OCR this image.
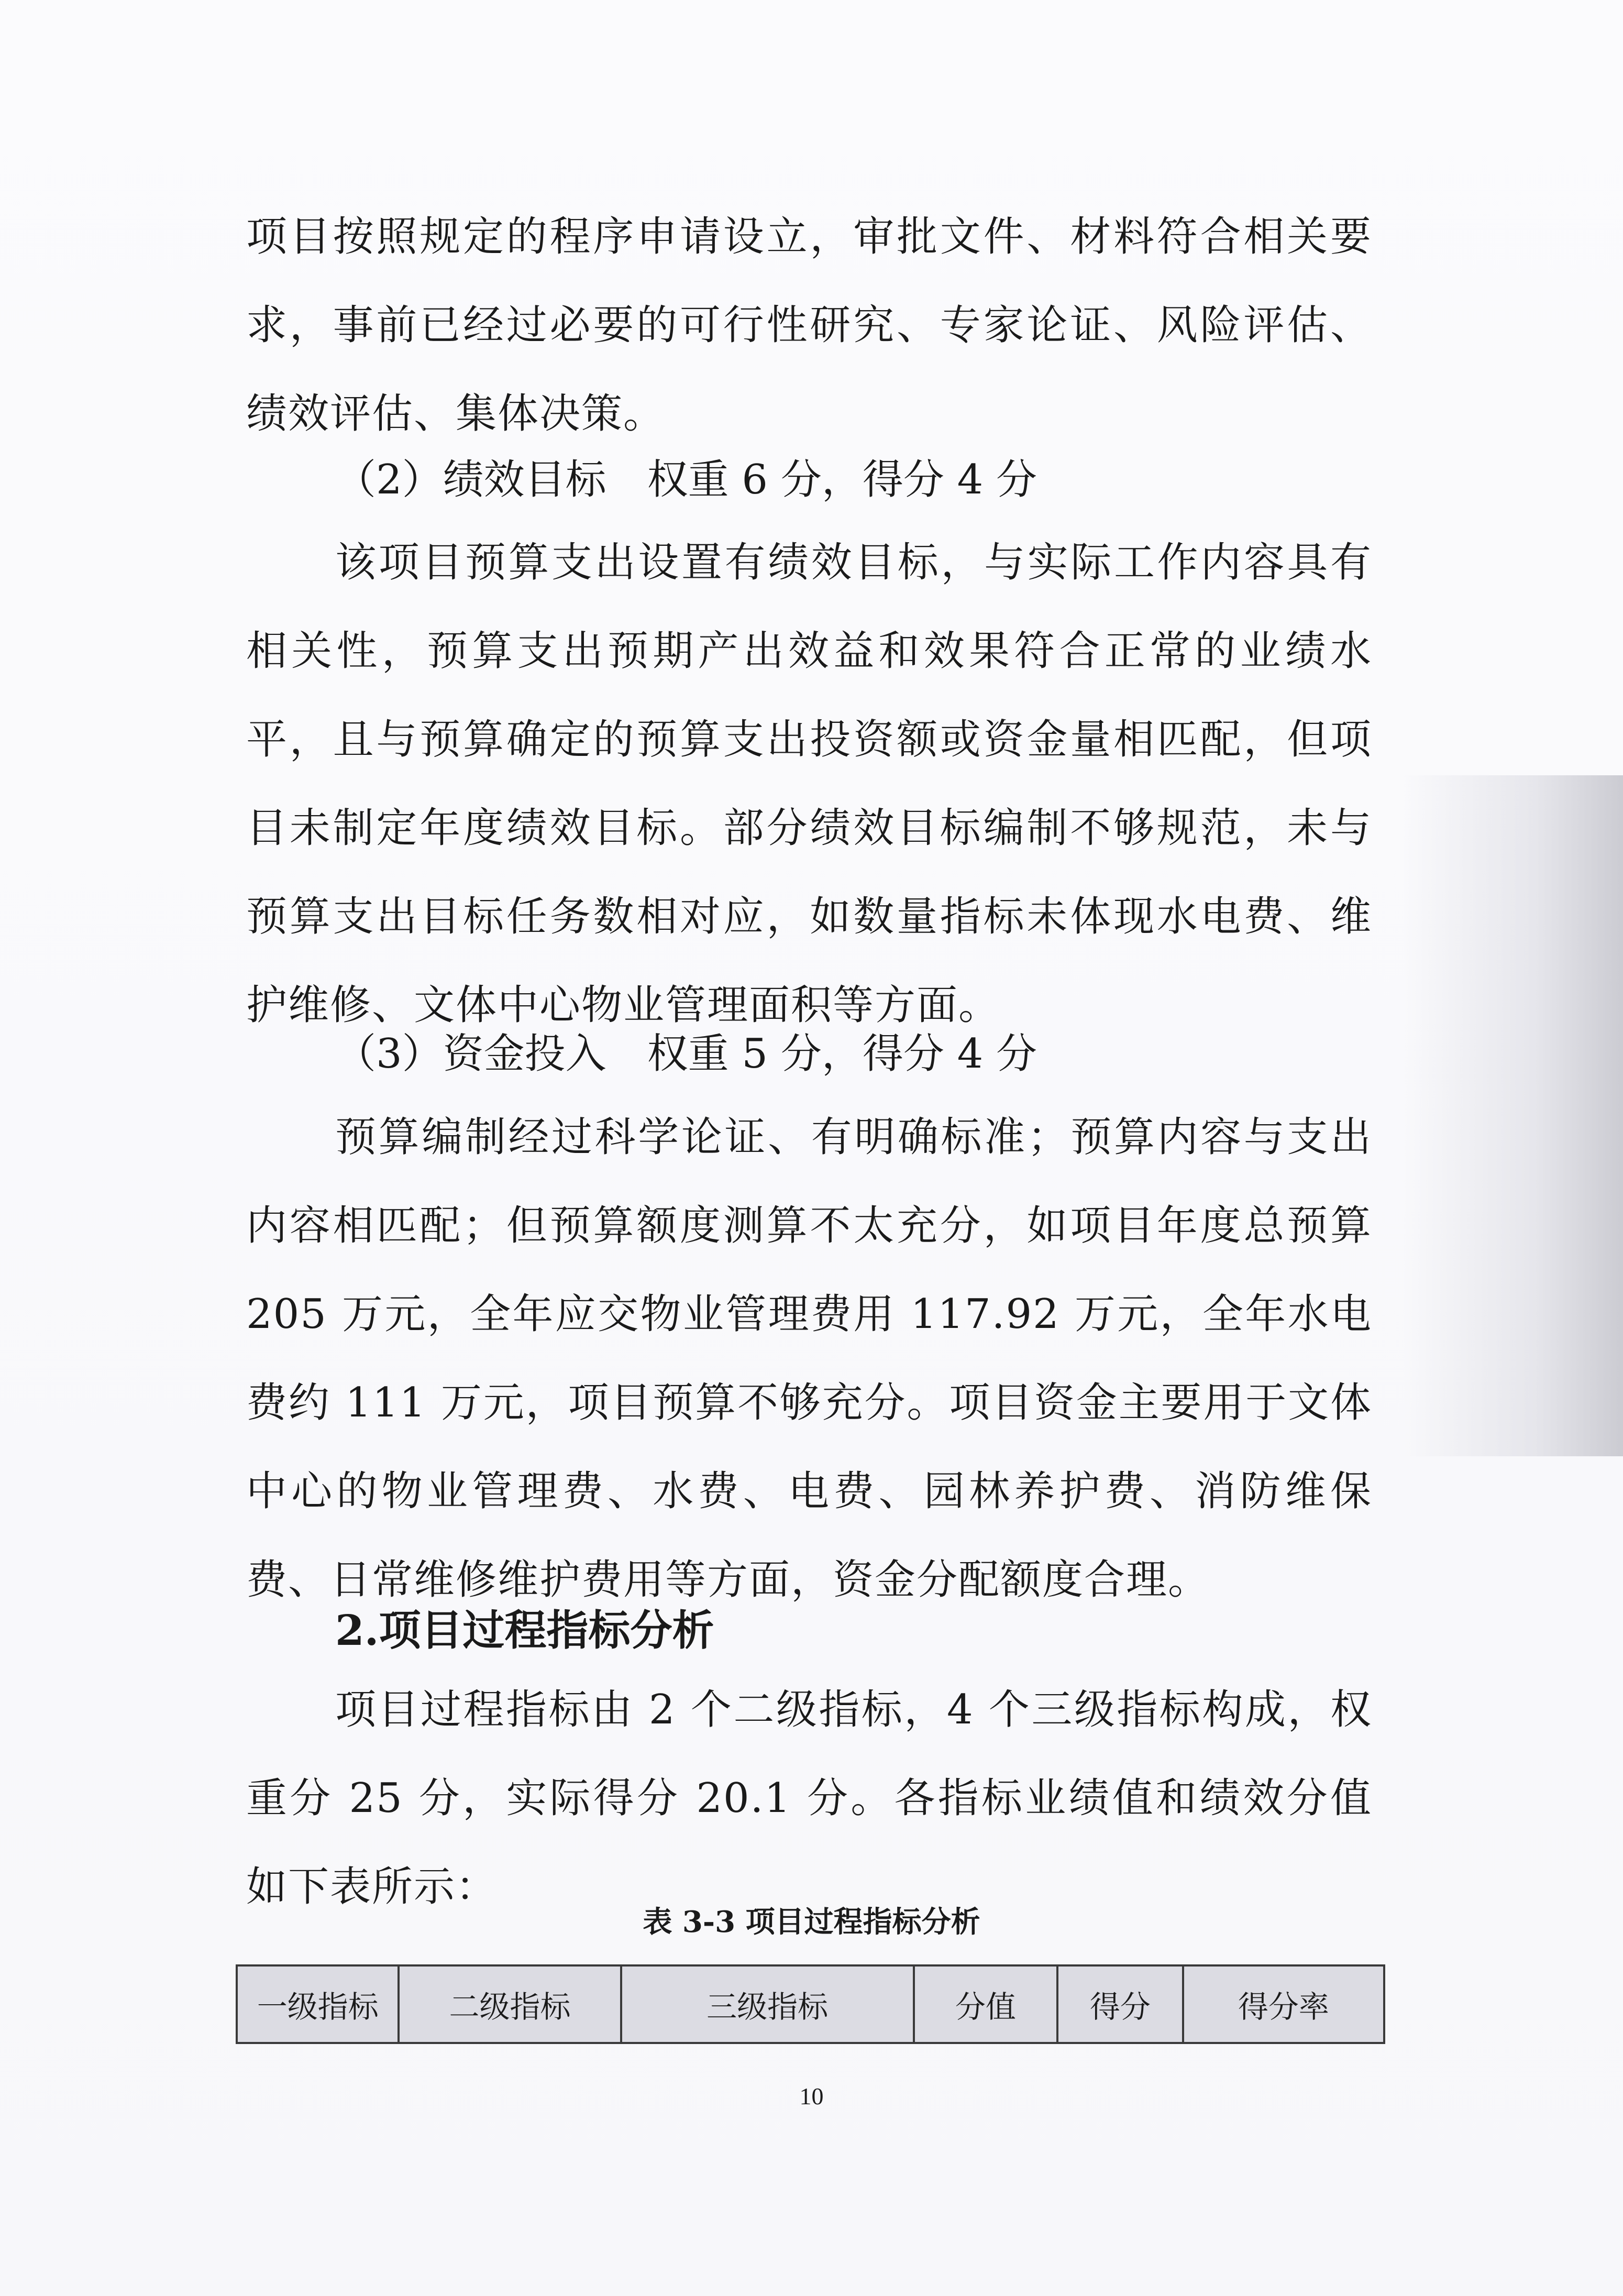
项目按照规定的程序申请设立，审批文件、材料符合相关要求，事前已经过必要的可行性研究、专家论证、风险评估、绩效评估、集体决策。

（2）绩效目标　权重 6 分，得分 4 分

该项目预算支出设置有绩效目标，与实际工作内容具有相关性，预算支出预期产出效益和效果符合正常的业绩水平，且与预算确定的预算支出投资额或资金量相匹配，但项目未制定年度绩效目标。部分绩效目标编制不够规范，未与预算支出目标任务数相对应，如数量指标未体现水电费、维护维修、文体中心物业管理面积等方面。

（3）资金投入　权重 5 分，得分 4 分

预算编制经过科学论证、有明确标准；预算内容与支出内容相匹配；但预算额度测算不太充分，如项目年度总预算 205 万元，全年应交物业管理费用 117.92 万元，全年水电费约 111 万元，项目预算不够充分。项目资金主要用于文体中心的物业管理费、水费、电费、园林养护费、消防维保费、日常维修维护费用等方面，资金分配额度合理。

2.项目过程指标分析

项目过程指标由 2 个二级指标，4 个三级指标构成，权重分 25 分，实际得分 20.1 分。各指标业绩值和绩效分值如下表所示：

表 3-3 项目过程指标分析
一级指标	二级指标	三级指标	分值	得分	得分率
10
